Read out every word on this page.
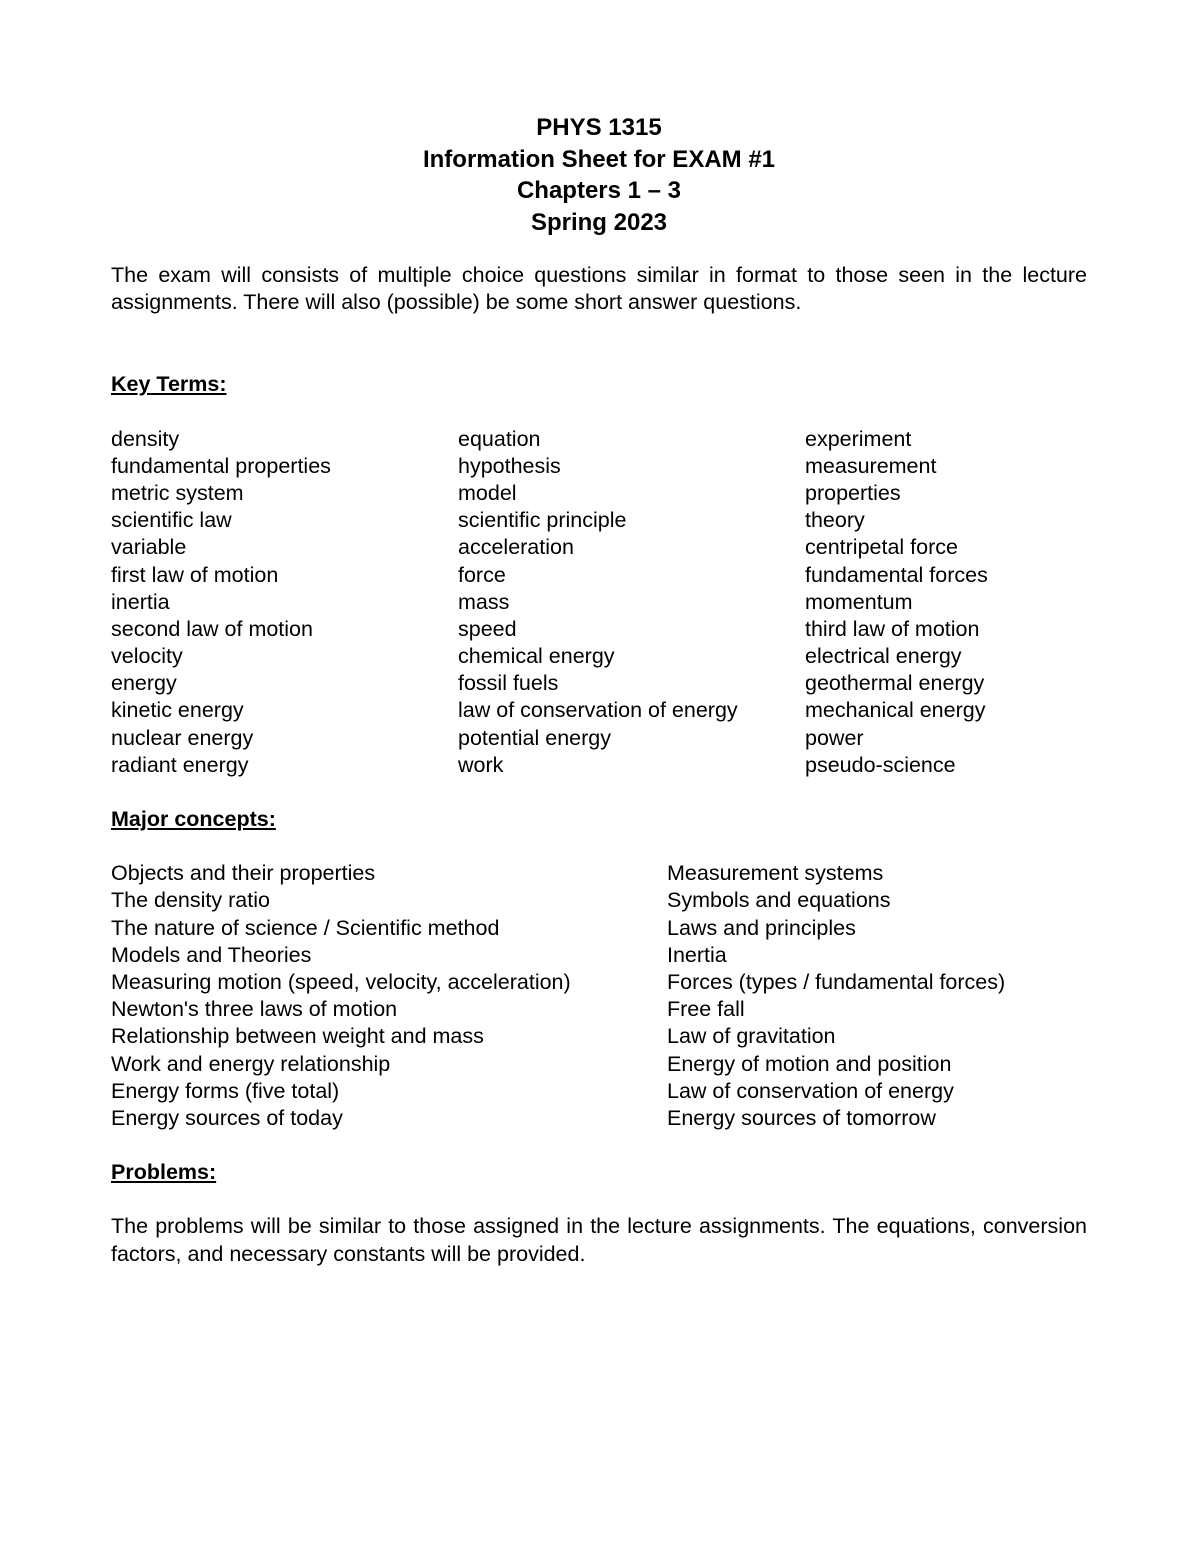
PHYS 1315
Information Sheet for EXAM #1
Chapters 1 – 3
Spring 2023
The exam will consists of multiple choice questions similar in format to those seen in the lecture assignments. There will also (possible) be some short answer questions.
Key Terms:
density	equation	experiment
fundamental properties	hypothesis	measurement
metric system	model	properties
scientific law	scientific principle	theory
variable	acceleration	centripetal force
first law of motion	force	fundamental forces
inertia	mass	momentum
second law of motion	speed	third law of motion
velocity	chemical energy	electrical energy
energy	fossil fuels	geothermal energy
kinetic energy	law of conservation of energy	mechanical energy
nuclear energy	potential energy	power
radiant energy	work	pseudo-science
Major concepts:
Objects and their properties	Measurement systems
The density ratio	Symbols and equations
The nature of science / Scientific method	Laws and principles
Models and Theories	Inertia
Measuring motion (speed, velocity, acceleration)	Forces (types / fundamental forces)
Newton's three laws of motion	Free fall
Relationship between weight and mass	Law of gravitation
Work and energy relationship	Energy of motion and position
Energy forms (five total)	Law of conservation of energy
Energy sources of today	Energy sources of tomorrow
Problems:
The problems will be similar to those assigned in the lecture assignments. The equations, conversion factors, and necessary constants will be provided.
